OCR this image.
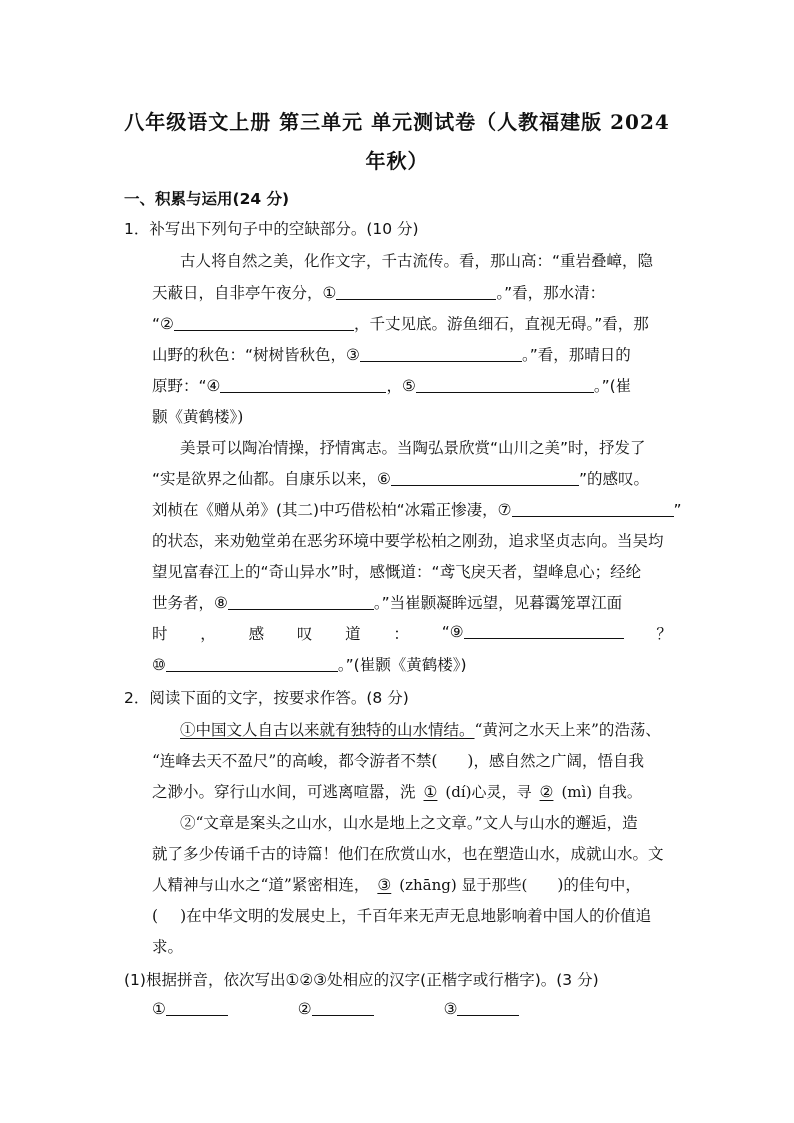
八年级语文上册 第三单元 单元测试卷（人教福建版 2024
年秋）
一、积累与运用(24 分)
1．补写出下列句子中的空缺部分。(10 分)
古人将自然之美，化作文字，千古流传。看，那山高：“重岩叠嶂，隐
天蔽日，自非亭午夜分，①	。”看，那水清：
“②	，千丈见底。游鱼细石，直视无碍。”看，那
山野的秋色：“树树皆秋色，③	。”看，那晴日的
原野：“④	，⑤	。”(崔
颢《黄鹤楼》)
美景可以陶冶情操，抒情寓志。当陶弘景欣赏“山川之美”时，抒发了
“实是欲界之仙都。自康乐以来，⑥	”的感叹。
刘桢在《赠从弟》(其二)中巧借松柏“冰霜正惨凄，⑦	”
的状态，来劝勉堂弟在恶劣环境中要学松柏之刚劲，追求坚贞志向。当吴均
望见富春江上的“奇山异水”时，感慨道：“鸢飞戾天者，望峰息心；经纶
世务者，⑧	。”当崔颢凝眸远望，见暮霭笼罩江面
时 ， 感 叹 道 ： “⑨	？
⑩	。”(崔颢《黄鹤楼》)
2．阅读下面的文字，按要求作答。(8 分)
①中国文人自古以来就有独特的山水情结。“黄河之水天上来”的浩荡、
“连峰去天不盈尺”的高峻，都令游者不禁( )，感自然之广阔，悟自我
之渺小。穿行山水间，可逃离喧嚣，洗 ① (dí)心灵，寻 ② (mì) 自我。
②“文章是案头之山水，山水是地上之文章。”文人与山水的邂逅，造
就了多少传诵千古的诗篇！他们在欣赏山水，也在塑造山水，成就山水。文
人精神与山水之“道”紧密相连， ③ (zhāng) 显于那些( )的佳句中，
( )在中华文明的发展史上，千百年来无声无息地影响着中国人的价值追
求。
(1)根据拼音，依次写出①②③处相应的汉字(正楷字或行楷字)。(3 分)
①	②	③
